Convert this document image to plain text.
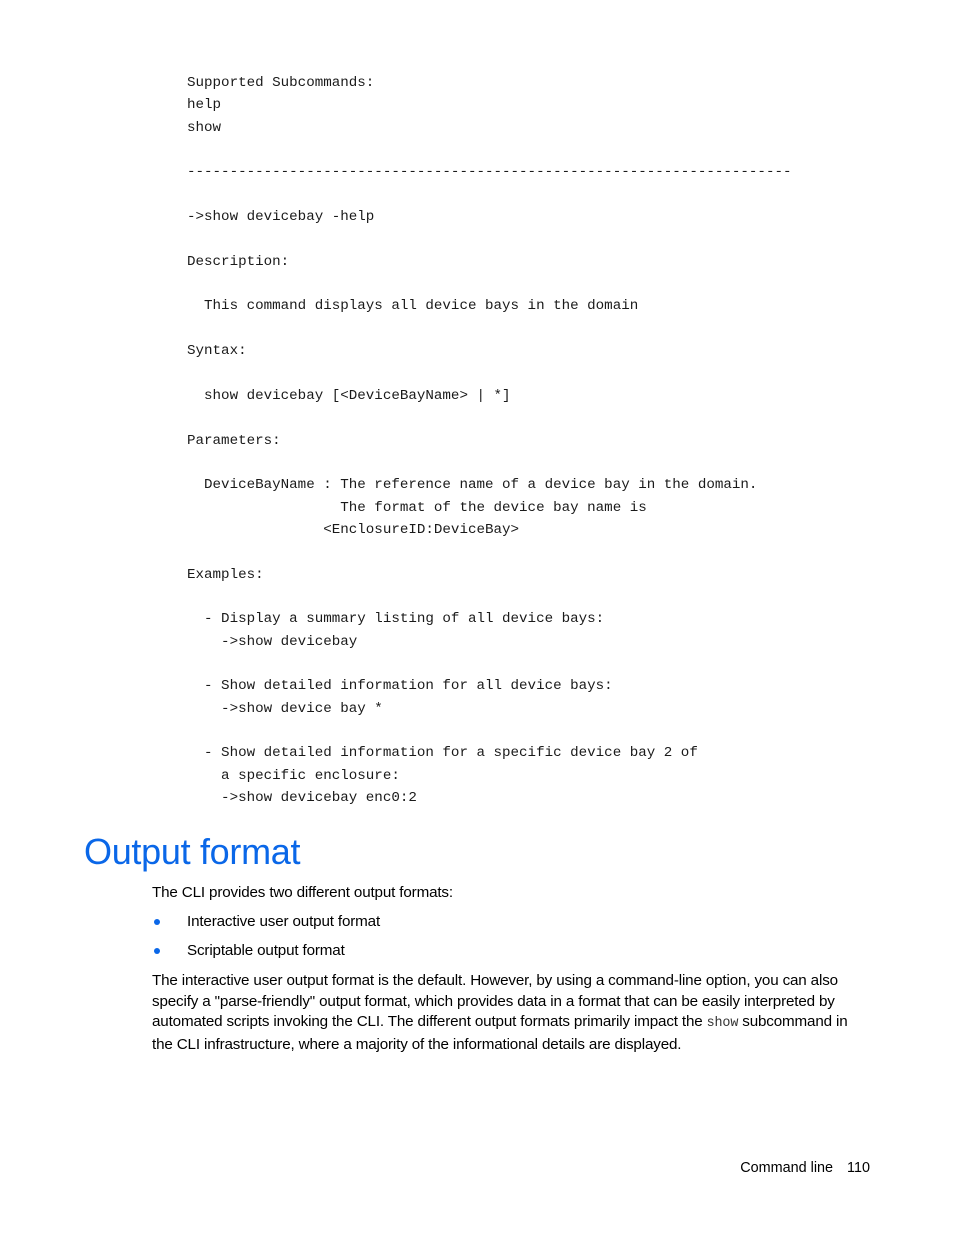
Supported Subcommands:
help
show
-----------------------------------------------------------------------
->show devicebay -help
Description:
This command displays all device bays in the domain
Syntax:
show devicebay [<DeviceBayName> | *]
Parameters:
DeviceBayName : The reference name of a device bay in the domain.
The format of the device bay name is
<EnclosureID:DeviceBay>
Examples:
- Display a summary listing of all device bays:
->show devicebay
- Show detailed information for all device bays:
->show device bay *
- Show detailed information for a specific device bay 2 of
a specific enclosure:
->show devicebay enc0:2
Output format

The CLI provides two different output formats:

Interactive user output format
Scriptable output format

The interactive user output format is the default. However, by using a command-line option, you can also specify a "parse-friendly" output format, which provides data in a format that can be easily interpreted by automated scripts invoking the CLI. The different output formats primarily impact the show subcommand in the CLI infrastructure, where a majority of the informational details are displayed.

Command line 110
